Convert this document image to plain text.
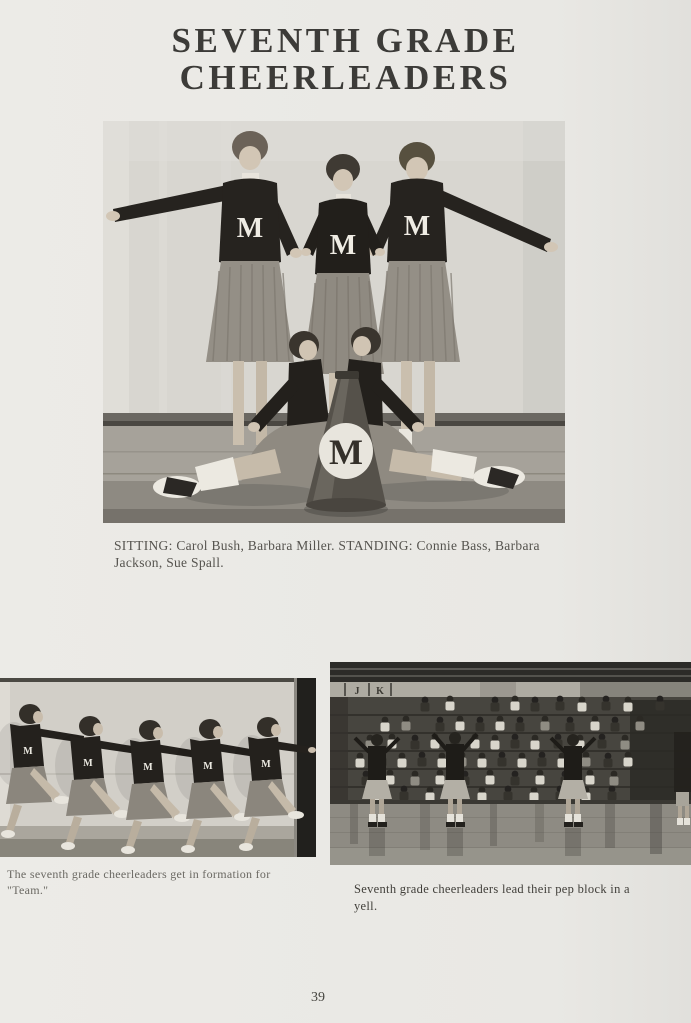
SEVENTH GRADE
CHEERLEADERS
M	M
M
M

SITTING: Carol Bush, Barbara Miller. STANDING: Connie Bass, Barbara Jackson, Sue Spall.

M
M	M	M	M

The seventh grade cheerleaders get in formation for "Team."

J K

Seventh grade cheerleaders lead their pep block in a yell.

39
